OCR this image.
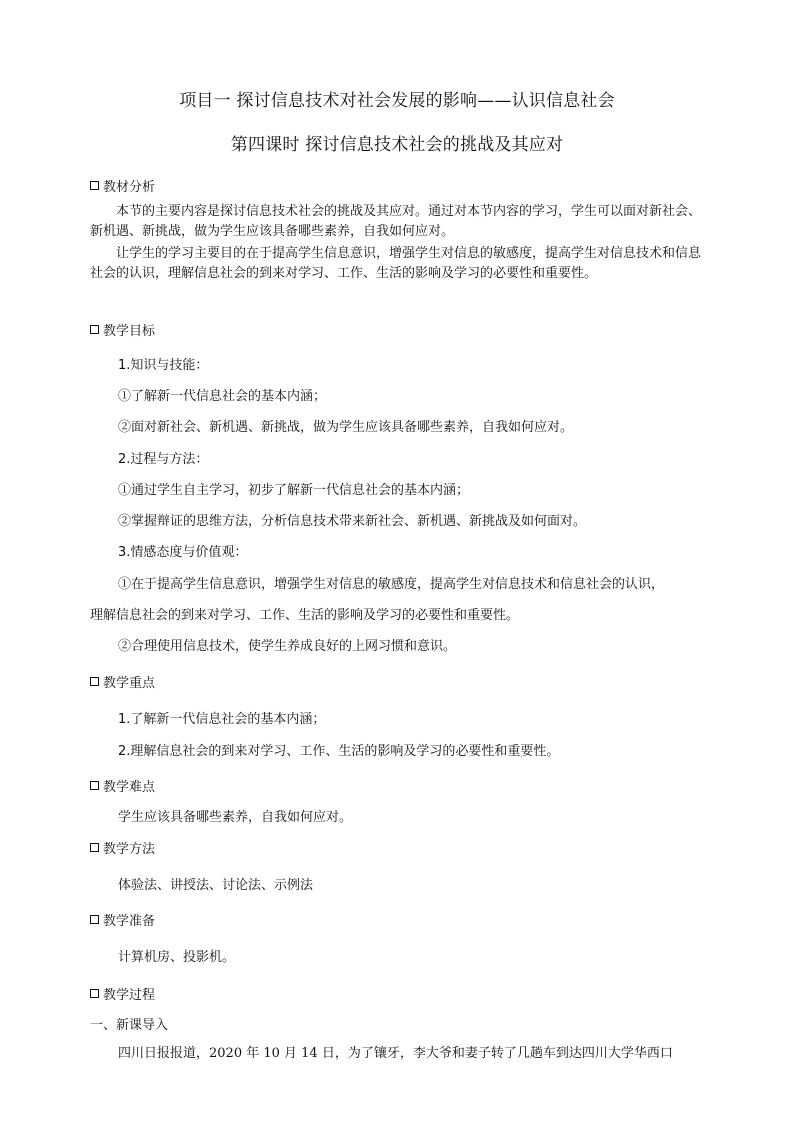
项目一 探讨信息技术对社会发展的影响——认识信息社会
第四课时 探讨信息技术社会的挑战及其应对
教材分析
本节的主要内容是探讨信息技术社会的挑战及其应对。通过对本节内容的学习，学生可以面对新社会、新机遇、新挑战，做为学生应该具备哪些素养，自我如何应对。
让学生的学习主要目的在于提高学生信息意识，增强学生对信息的敏感度，提高学生对信息技术和信息社会的认识，理解信息社会的到来对学习、工作、生活的影响及学习的必要性和重要性。
教学目标
1.知识与技能：
①了解新一代信息社会的基本内涵；
②面对新社会、新机遇、新挑战，做为学生应该具备哪些素养，自我如何应对。
2.过程与方法：
①通过学生自主学习，初步了解新一代信息社会的基本内涵；
②掌握辩证的思维方法，分析信息技术带来新社会、新机遇、新挑战及如何面对。
3.情感态度与价值观：
①在于提高学生信息意识，增强学生对信息的敏感度，提高学生对信息技术和信息社会的认识，
理解信息社会的到来对学习、工作、生活的影响及学习的必要性和重要性。
②合理使用信息技术，使学生养成良好的上网习惯和意识。
教学重点
1.了解新一代信息社会的基本内涵；
2.理解信息社会的到来对学习、工作、生活的影响及学习的必要性和重要性。
教学难点
学生应该具备哪些素养，自我如何应对。
教学方法
体验法、讲授法、讨论法、示例法
教学准备
计算机房、投影机。
教学过程
一、新课导入
四川日报报道，2020 年 10 月 14 日，为了镶牙，李大爷和妻子转了几趟车到达四川大学华西口
